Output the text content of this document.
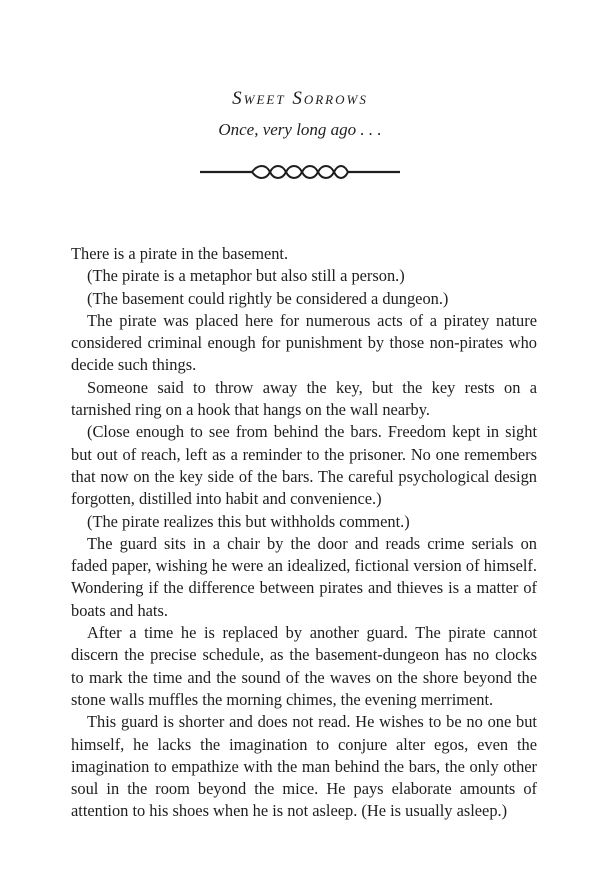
Sweet Sorrows
Once, very long ago . . .

There is a pirate in the basement.

(The pirate is a metaphor but also still a person.)

(The basement could rightly be considered a dungeon.)

The pirate was placed here for numerous acts of a piratey nature considered criminal enough for punishment by those non-pirates who decide such things.

Someone said to throw away the key, but the key rests on a tarnished ring on a hook that hangs on the wall nearby.

(Close enough to see from behind the bars. Freedom kept in sight but out of reach, left as a reminder to the prisoner. No one remembers that now on the key side of the bars. The careful psychological design forgotten, distilled into habit and convenience.)

(The pirate realizes this but withholds comment.)

The guard sits in a chair by the door and reads crime serials on faded paper, wishing he were an idealized, fictional version of himself. Wondering if the difference between pirates and thieves is a matter of boats and hats.

After a time he is replaced by another guard. The pirate cannot discern the precise schedule, as the basement-dungeon has no clocks to mark the time and the sound of the waves on the shore beyond the stone walls muffles the morning chimes, the evening merriment.

This guard is shorter and does not read. He wishes to be no one but himself, he lacks the imagination to conjure alter egos, even the imagination to empathize with the man behind the bars, the only other soul in the room beyond the mice. He pays elaborate amounts of attention to his shoes when he is not asleep. (He is usually asleep.)
